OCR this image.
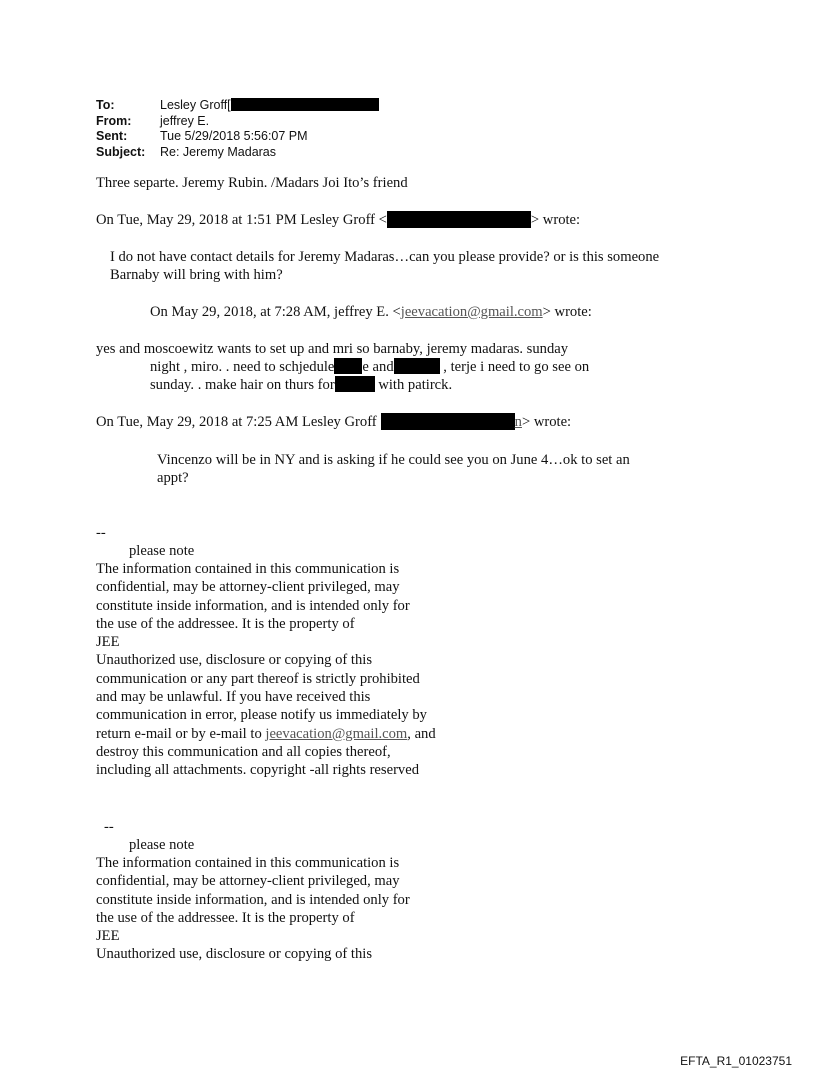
To:	Lesley Groff[
From:	jeffrey E.
Sent:	Tue 5/29/2018 5:56:07 PM
Subject:	Re: Jeremy Madaras
Three separte. Jeremy Rubin. /Madars Joi Ito’s friend
On Tue, May 29, 2018 at 1:51 PM Lesley Groff <	> wrote:
I do not have contact details for Jeremy Madaras…can you please provide? or is this someone
Barnaby will bring with him?
On May 29, 2018, at 7:28 AM, jeffrey E. <jeevacation@gmail.com> wrote:
yes and moscoewitz wants to set up and mri so barnaby, jeremy madaras. sunday
night , miro. . need to schjedule e and	, terje i need to go see on
sunday. . make hair on thurs for	with patirck.
On Tue, May 29, 2018 at 7:25 AM Lesley Groff	n> wrote:
Vincenzo will be in NY and is asking if he could see you on June 4…ok to set an
appt?
--
please note
The information contained in this communication is
confidential, may be attorney-client privileged, may
constitute inside information, and is intended only for
the use of the addressee. It is the property of
JEE
Unauthorized use, disclosure or copying of this
communication or any part thereof is strictly prohibited
and may be unlawful. If you have received this
communication in error, please notify us immediately by
return e-mail or by e-mail to jeevacation@gmail.com, and
destroy this communication and all copies thereof,
including all attachments. copyright -all rights reserved
--
please note
The information contained in this communication is
confidential, may be attorney-client privileged, may
constitute inside information, and is intended only for
the use of the addressee. It is the property of
JEE
Unauthorized use, disclosure or copying of this
EFTA_R1_01023751
